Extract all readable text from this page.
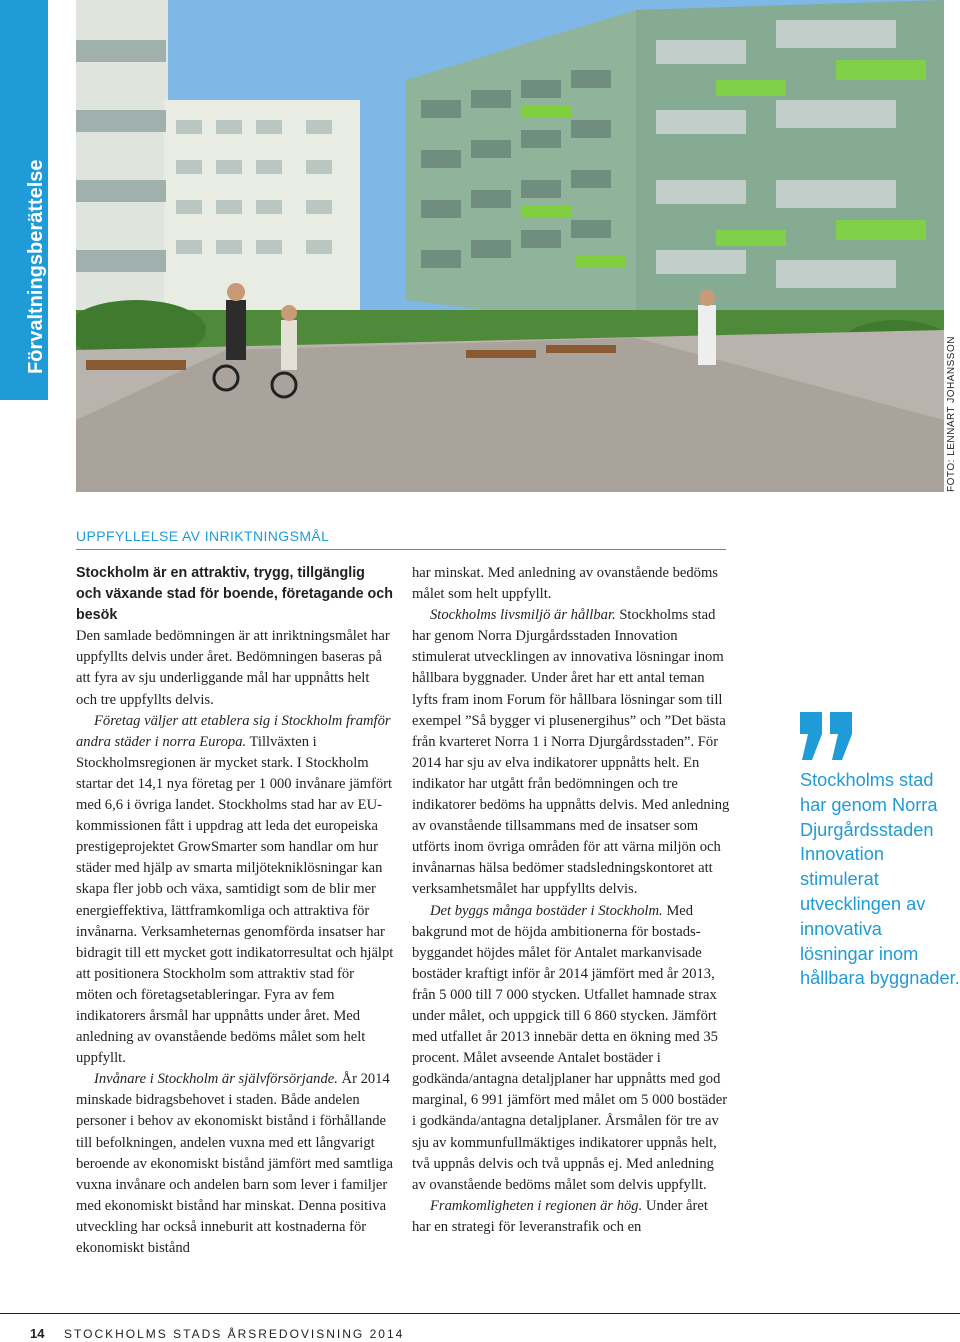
Förvaltningsberättelse
FOTO: LENNART JOHANSSON
UPPFYLLELSE AV INRIKTNINGSMÅL

Stockholm är en attraktiv, trygg, tillgänglig och växande stad för boende, företagande och besök

Den samlade bedömningen är att inriktningsmålet har uppfyllts delvis under året. Bedömningen baseras på att fyra av sju underliggande mål har uppnåtts helt och tre uppfyllts delvis.

Företag väljer att etablera sig i Stockholm framför andra städer i norra Europa. Tillväxten i Stockholmsregionen är mycket stark. I Stockholm startar det 14,1 nya företag per 1 000 invånare jämfört med 6,6 i övriga landet. Stockholms stad har av EU-kommissionen fått i uppdrag att leda det europeiska prestigeprojektet GrowSmarter som handlar om hur städer med hjälp av smarta miljötekniklösningar kan skapa fler jobb och växa, samtidigt som de blir mer energieffektiva, lättframkomliga och attraktiva för invånarna. Verksamheternas genomförda insatser har bidragit till ett mycket gott indikatorresultat och hjälpt att positionera Stockholm som attraktiv stad för möten och företagsetableringar. Fyra av fem indikatorers årsmål har uppnåtts under året. Med anledning av ovanstående bedöms målet som helt uppfyllt.

Invånare i Stockholm är självförsörjande. År 2014 minskade bidragsbehovet i staden. Både andelen personer i behov av ekonomiskt bistånd i förhållande till befolkningen, andelen vuxna med ett långvarigt beroende av ekonomiskt bistånd jämfört med samtliga vuxna invånare och andelen barn som lever i familjer med ekonomiskt bistånd har minskat. Denna positiva utveckling har också inneburit att kostnaderna för ekonomiskt bistånd

har minskat. Med anledning av ovanstående bedöms målet som helt uppfyllt.

Stockholms livsmiljö är hållbar. Stockholms stad har genom Norra Djurgårdsstaden Innovation stimulerat utvecklingen av innovativa lösningar inom hållbara byggnader. Under året har ett antal teman lyfts fram inom Forum för hållbara lösningar som till exempel ”Så bygger vi plusenergihus” och ”Det bästa från kvarteret Norra 1 i Norra Djurgårdsstaden”. För 2014 har sju av elva indikatorer uppnåtts helt. En indikator har utgått från bedömningen och tre indikatorer bedöms ha uppnåtts delvis. Med anledning av ovanstående tillsammans med de insatser som utförts inom övriga områden för att värna miljön och invånarnas hälsa bedömer stadsledningskontoret att verksamhetsmålet har uppfyllts delvis.

Det byggs många bostäder i Stockholm. Med bakgrund mot de höjda ambitionerna för bostadsbyggandet höjdes målet för Antalet markanvisade bostäder kraftigt inför år 2014 jämfört med år 2013, från 5 000 till 7 000 stycken. Utfallet hamnade strax under målet, och uppgick till 6 860 stycken. Jämfört med utfallet år 2013 innebär detta en ökning med 35 procent. Målet avseende Antalet bostäder i godkända/antagna detaljplaner har uppnåtts med god marginal, 6 991 jämfört med målet om 5 000 bostäder i godkända/antagna detaljplaner. Årsmålen för tre av sju av kommunfullmäktiges indikatorer uppnås helt, två uppnås delvis och två uppnås ej. Med anledning av ovanstående bedöms målet som delvis uppfyllt.

Framkomligheten i regionen är hög. Under året har en strategi för leveranstrafik och en

Stockholms stad har genom Norra Djurgårdsstaden Innovation stimulerat utvecklingen av innovativa lösningar inom hållbara byggnader.
14 STOCKHOLMS STADS ÅRSREDOVISNING 2014
